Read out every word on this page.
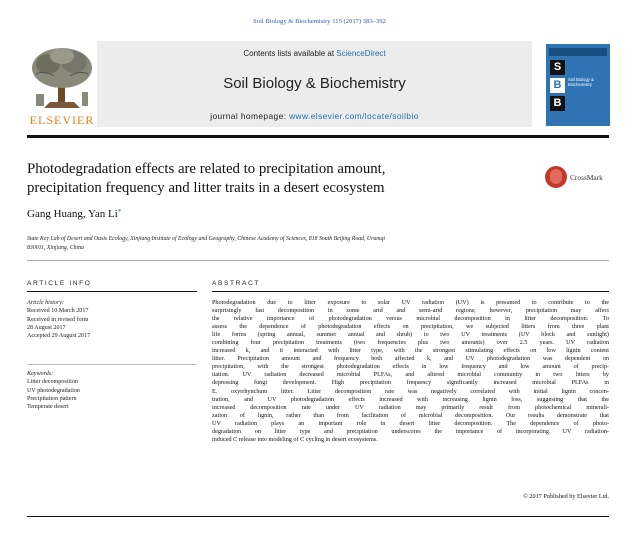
Soil Biology & Biochemistry 115 (2017) 383–392
ELSEVIER
Contents lists available at ScienceDirect
Soil Biology & Biochemistry
journal homepage: www.elsevier.com/locate/soilbio
S
B
B
Soil Biology & Biochemistry
Photodegradation effects are related to precipitation amount,
precipitation frequency and litter traits in a desert ecosystem
CrossMark
Gang Huang, Yan Li*
State Key Lab of Desert and Oasis Ecology, Xinjiang Institute of Ecology and Geography, Chinese Academy of Sciences, 818 South Beijing Road, Urumqi
830011, Xinjiang, China
ARTICLE INFO
Article history:
Received 10 March 2017
Received in revised form
28 August 2017
Accepted 29 August 2017
Keywords:
Litter decomposition
UV photodegradation
Precipitation pattern
Temperate desert
ABSTRACT
Photodegradation due to litter exposure to solar UV radiation (UV) is presumed to contribute to the
surprisingly fast decomposition in some arid and semi-arid regions; however, precipitation may affect
the relative importance of photodegradation versus microbial decomposition in litter decomposition. To
assess the dependence of photodegradation effects on precipitation, we subjected litters from three plant
life forms (spring annual, summer annual and shrub) to two UV treatments (UV block and sunlight)
combining four precipitation treatments (two frequencies plus two amounts) over 2.5 years. UV radiation
increased k, and it interacted with litter type, with the strongest stimulating effects on low lignin content
litter. Precipitation amount and frequency both affected k, and UV photodegradation was dependent on
precipitation, with the strongest photodegradation effects in low frequency and low amount of precip-
itation. UV radiation decreased microbial PLFAs, and altered microbial community in two litters by
depressing fungi development. High precipitation frequency significantly increased microbial PLFAs in
E. oxyrrhynchum litter. Litter decomposition rate was negatively correlated with initial lignin concen-
tration, and UV photodegradation effects increased with increasing lignin loss, suggesting that the
increased decomposition rate under UV radiation may primarily result from photochemical minerali-
zation of lignin, rather than from facilitation of microbial decomposition. Our results demonstrate that
UV radiation plays an important role in desert litter decomposition. The dependence of photo-
degradation on litter type and precipitation underscores the importance of incorporating UV radiation-
induced C release into modeling of C cycling in desert ecosystems.
© 2017 Published by Elsevier Ltd.
